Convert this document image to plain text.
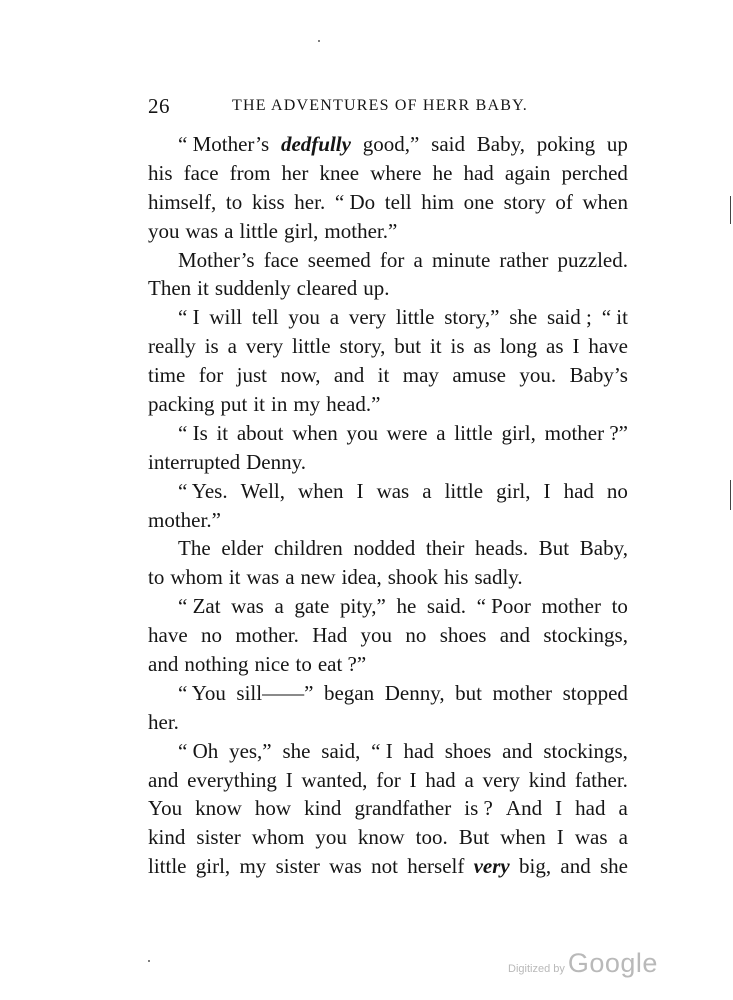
26	THE ADVENTURES OF HERR BABY.
“ Mother’s dedfully good,” said Baby, poking up
his face from her knee where he had again perched
himself, to kiss her. “ Do tell him one story of when
you was a little girl, mother.”
Mother’s face seemed for a minute rather puzzled.
Then it suddenly cleared up.
“ I will tell you a very little story,” she said ; “ it
really is a very little story, but it is as long as I have
time for just now, and it may amuse you. Baby’s
packing put it in my head.”
“ Is it about when you were a little girl, mother ?”
interrupted Denny.
“ Yes. Well, when I was a little girl, I had no
mother.”
The elder children nodded their heads. But Baby,
to whom it was a new idea, shook his sadly.
“ Zat was a gate pity,” he said. “ Poor mother to
have no mother. Had you no shoes and stockings,
and nothing nice to eat ?”
“ You sill——” began Denny, but mother stopped
her.
“ Oh yes,” she said, “ I had shoes and stockings,
and everything I wanted, for I had a very kind father.
You know how kind grandfather is ? And I had a
kind sister whom you know too. But when I was a
little girl, my sister was not herself very big, and she
Digitized by Google
